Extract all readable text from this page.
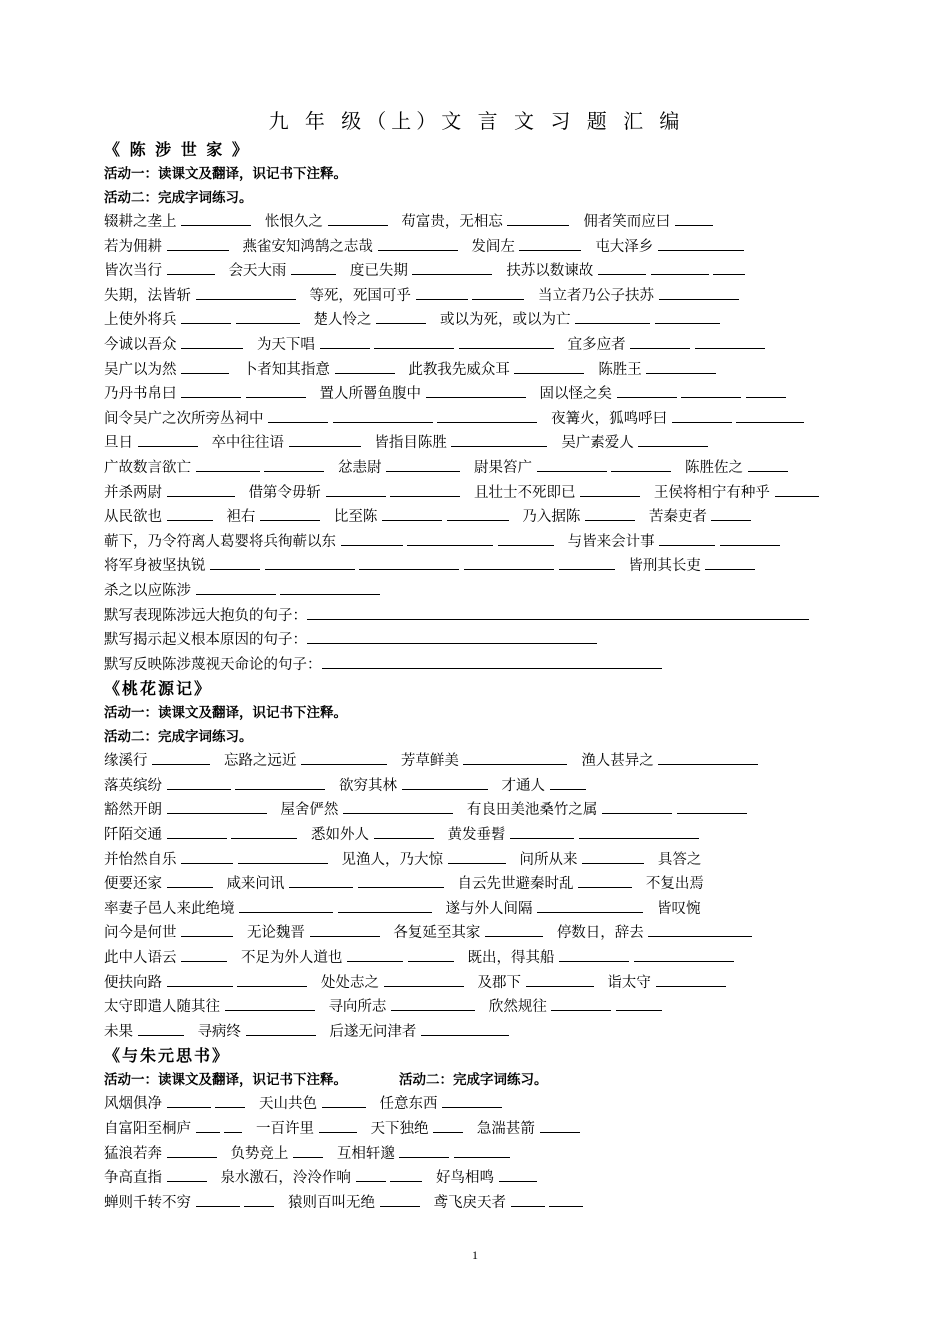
九 年 级（上）文 言 文 习 题 汇 编
《 陈 涉 世 家 》
活动一：读课文及翻译，识记书下注释。
活动二：完成字词练习。
辍耕之垄上	怅恨久之	苟富贵，无相忘	佣者笑而应曰
若为佣耕	燕雀安知鸿鹄之志哉	发闾左	屯大泽乡
皆次当行	会天大雨	度已失期	扶苏以数谏故
失期，法皆斩	等死，死国可乎	当立者乃公子扶苏
上使外将兵	楚人怜之	或以为死，或以为亡
今诚以吾众	为天下唱	宜多应者
吴广以为然	卜者知其指意	此教我先威众耳	陈胜王
乃丹书帛曰	置人所罾鱼腹中	固以怪之矣
间令吴广之次所旁丛祠中	夜篝火，狐鸣呼曰
旦日	卒中往往语	皆指目陈胜	吴广素爱人
广故数言欲亡	忿恚尉	尉果笞广	陈胜佐之
并杀两尉	借第令毋斩	且壮士不死即已	王侯将相宁有种乎
从民欲也	袒右	比至陈	乃入据陈	苦秦吏者
蕲下，乃令符离人葛婴将兵徇蕲以东	与皆来会计事
将军身被坚执锐	皆刑其长吏
杀之以应陈涉
默写表现陈涉远大抱负的句子：
默写揭示起义根本原因的句子：
默写反映陈涉蔑视天命论的句子：
《桃花源记》
活动一：读课文及翻译，识记书下注释。
活动二：完成字词练习。
缘溪行	忘路之远近	芳草鲜美	渔人甚异之
落英缤纷	欲穷其林	才通人
豁然开朗	屋舍俨然	有良田美池桑竹之属
阡陌交通	悉如外人	黄发垂髫
并怡然自乐	见渔人，乃大惊	问所从来	具答之
便要还家	咸来问讯	自云先世避秦时乱	不复出焉
率妻子邑人来此绝境	遂与外人间隔	皆叹惋
问今是何世	无论魏晋	各复延至其家	停数日，辞去
此中人语云	不足为外人道也	既出，得其船
便扶向路	处处志之	及郡下	诣太守
太守即遣人随其往	寻向所志	欣然规往
未果	寻病终	后遂无问津者
《与朱元思书》
活动一：读课文及翻译，识记书下注释。	活动二：完成字词练习。
风烟俱净	天山共色	任意东西
自富阳至桐庐	一百许里	天下独绝	急湍甚箭
猛浪若奔	负势竞上	互相轩邈
争高直指	泉水激石，泠泠作响	好鸟相鸣
蝉则千转不穷	猿则百叫无绝	鸢飞戾天者
1
